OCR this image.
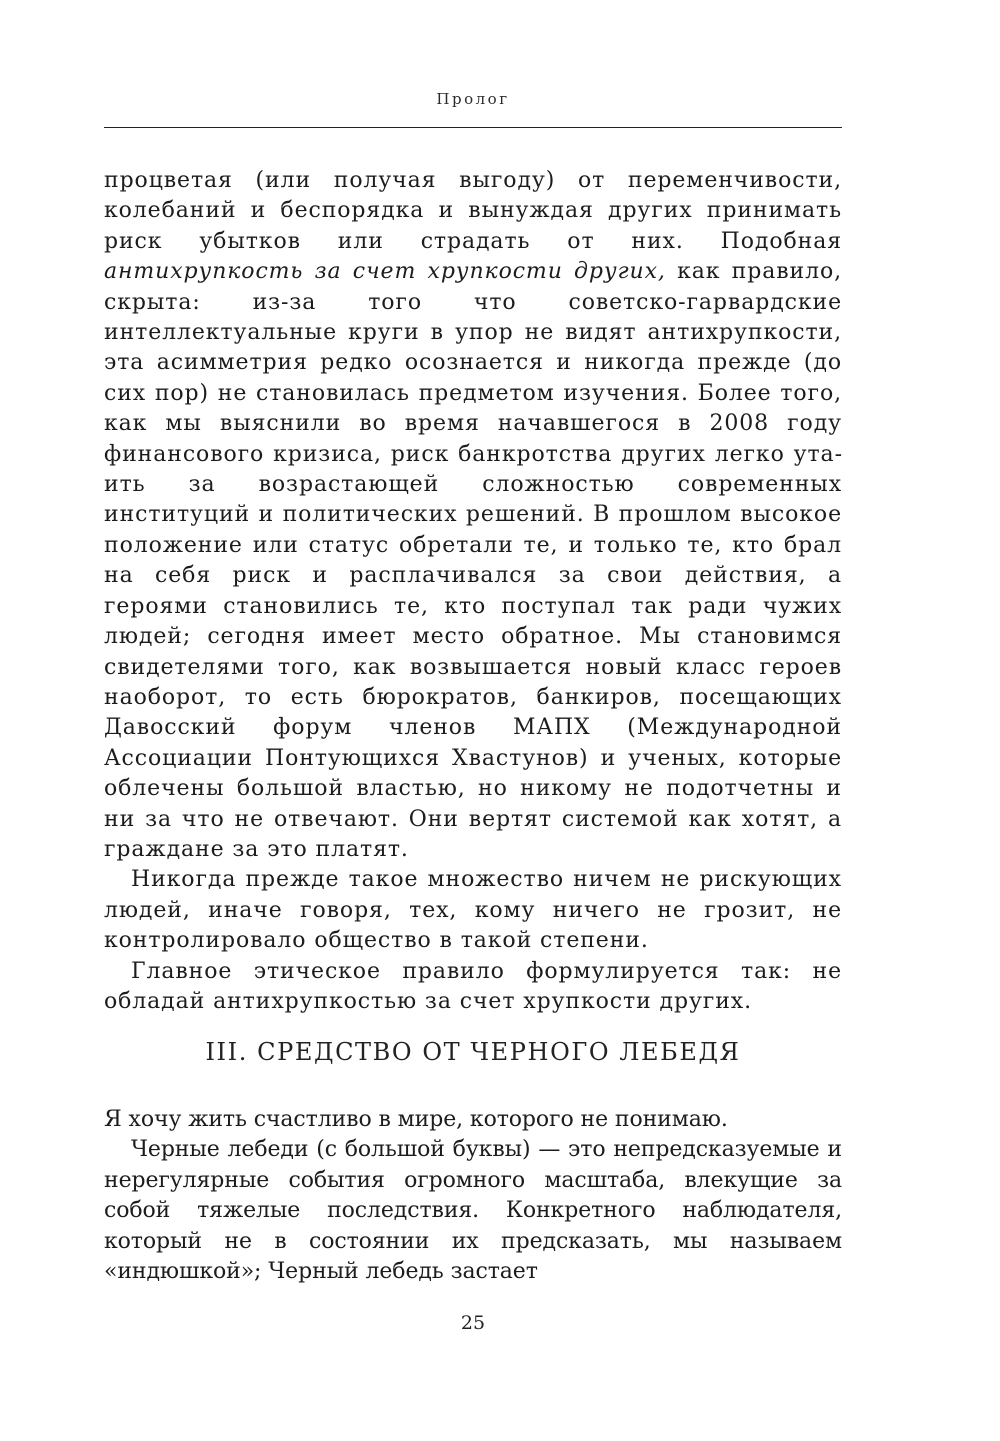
Пролог

процветая (или получая выгоду) от переменчивости, колебаний и беспорядка и вынуждая других принимать риск убытков или страдать от них. Подобная антихрупкость за счет хрупкости других, как правило, скрыта: из-за того что советско-гарвардские интеллектуальные круги в упор не видят антихрупкости, эта асимметрия редко осознается и никогда прежде (до сих пор) не становилась предметом изучения. Более того, как мы выяснили во время начавшегося в 2008 году финансового кризиса, риск банкротства других легко утаить за возрастающей сложностью современных институций и политических решений. В прошлом высокое положение или статус обретали те, и только те, кто брал на себя риск и расплачивался за свои действия, а героями становились те, кто поступал так ради чужих людей; сегодня имеет место обратное. Мы становимся свидетелями того, как возвышается новый класс героев наоборот, то есть бюрократов, банкиров, посещающих Давосский форум членов МАПХ (Международной Ассоциации Понтующихся Хвастунов) и ученых, которые облечены большой властью, но никому не подотчетны и ни за что не отвечают. Они вертят системой как хотят, а граждане за это платят.

Никогда прежде такое множество ничем не рискующих людей, иначе говоря, тех, кому ничего не грозит, не контролировало общество в такой степени.

Главное этическое правило формулируется так: не обладай антихрупкостью за счет хрупкости других.

III. СРЕДСТВО ОТ ЧЕРНОГО ЛЕБЕДЯ

Я хочу жить счастливо в мире, которого не понимаю.

Черные лебеди (с большой буквы) — это непредсказуемые и нерегулярные события огромного масштаба, влекущие за собой тяжелые последствия. Конкретного наблюдателя, который не в состоянии их предсказать, мы называем «индюшкой»; Черный лебедь застает

25
